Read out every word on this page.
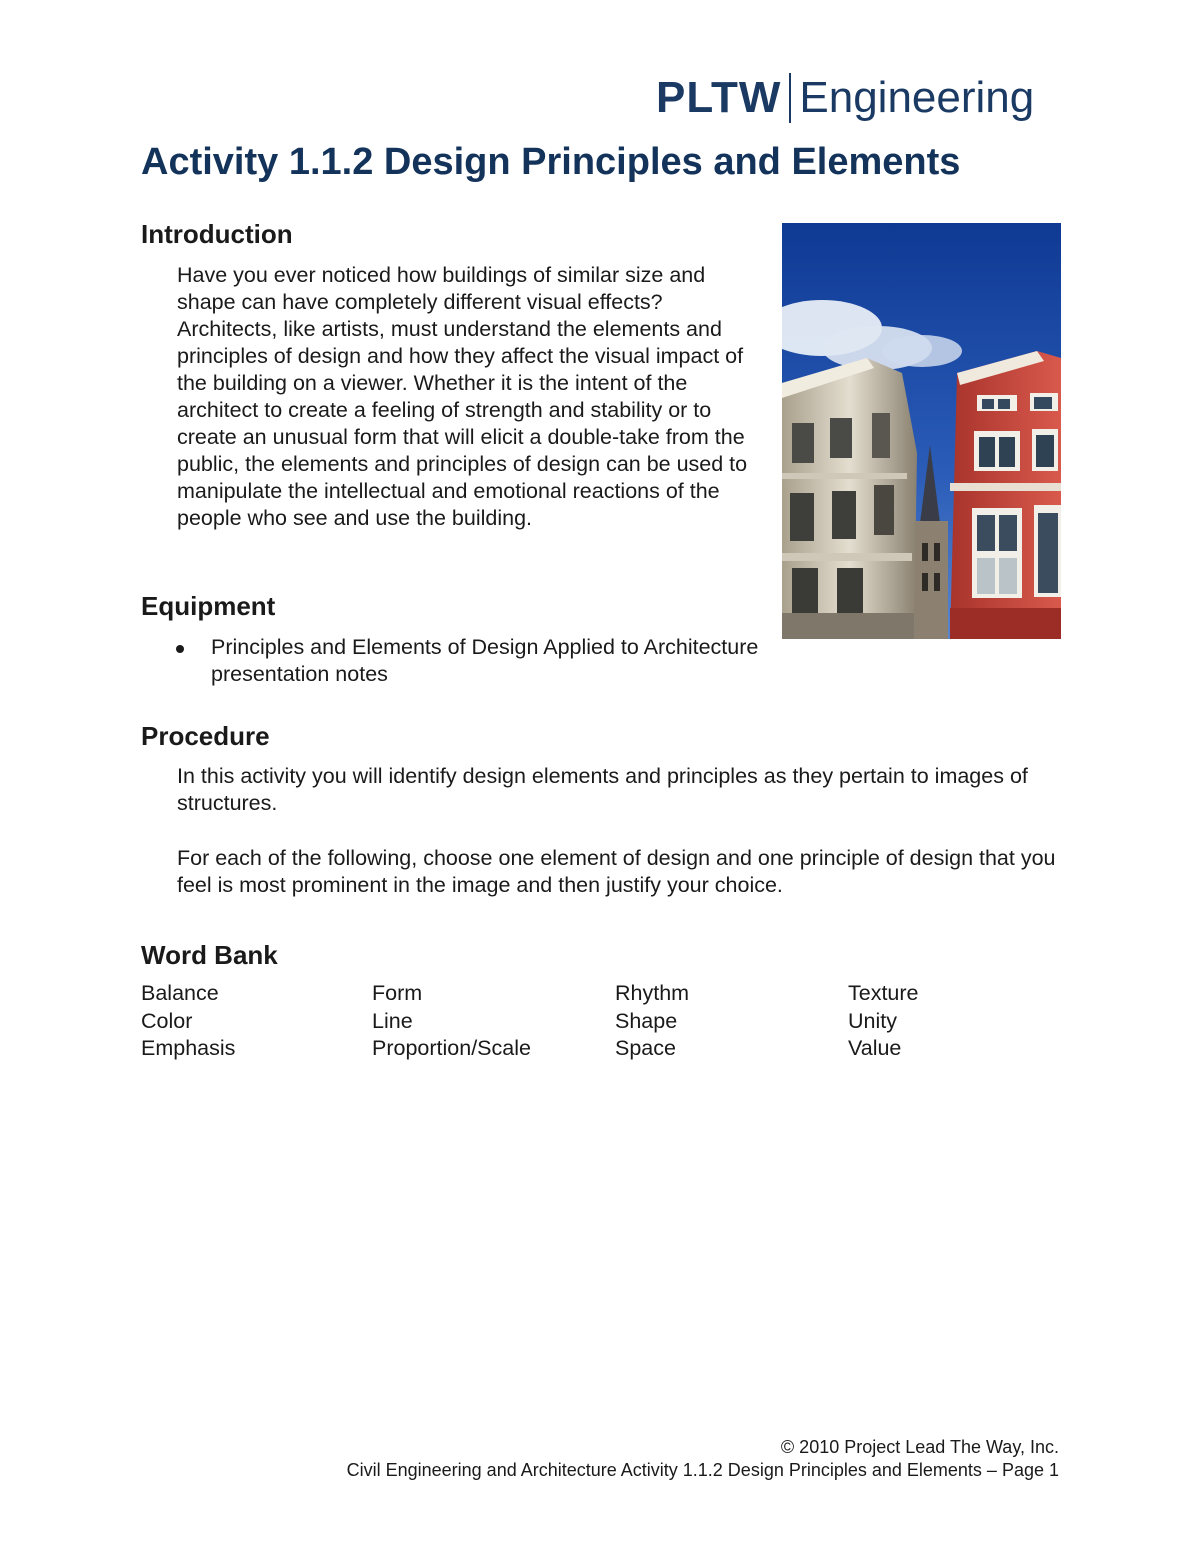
PLTW Engineering
Activity 1.1.2 Design Principles and Elements
Introduction

Have you ever noticed how buildings of similar size and shape can have completely different visual effects? Architects, like artists, must understand the elements and principles of design and how they affect the visual impact of the building on a viewer. Whether it is the intent of the architect to create a feeling of strength and stability or to create an unusual form that will elicit a double-take from the public, the elements and principles of design can be used to manipulate the intellectual and emotional reactions of the people who see and use the building.

Equipment
Principles and Elements of Design Applied to Architecture presentation notes
Procedure

In this activity you will identify design elements and principles as they pertain to images of structures.

For each of the following, choose one element of design and one principle of design that you feel is most prominent in the image and then justify your choice.

Word Bank
Balance	Form	Rhythm	Texture
Color	Line	Shape	Unity
Emphasis	Proportion/Scale	Space	Value
© 2010 Project Lead The Way, Inc.
Civil Engineering and Architecture Activity 1.1.2 Design Principles and Elements – Page 1
